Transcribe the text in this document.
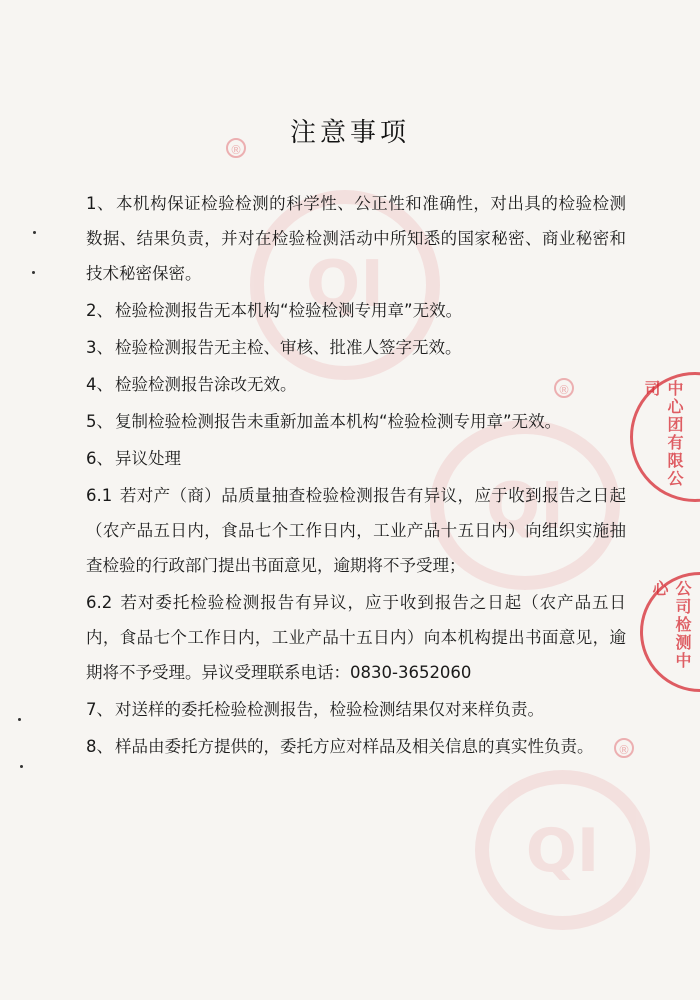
QI
®
QI
®
QI
®
中心团有限公司
公司检测中心
注意事项

1、 本机构保证检验检测的科学性、公正性和准确性，对出具的检验检测数据、结果负责，并对在检验检测活动中所知悉的国家秘密、商业秘密和技术秘密保密。

2、 检验检测报告无本机构“检验检测专用章”无效。

3、 检验检测报告无主检、审核、批准人签字无效。

4、 检验检测报告涂改无效。

5、 复制检验检测报告未重新加盖本机构“检验检测专用章”无效。

6、 异议处理

6.1 若对产（商）品质量抽查检验检测报告有异议，应于收到报告之日起（农产品五日内，食品七个工作日内，工业产品十五日内）向组织实施抽查检验的行政部门提出书面意见，逾期将不予受理；

6.2 若对委托检验检测报告有异议，应于收到报告之日起（农产品五日内，食品七个工作日内，工业产品十五日内）向本机构提出书面意见，逾期将不予受理。异议受理联系电话：0830-3652060

7、 对送样的委托检验检测报告，检验检测结果仅对来样负责。

8、 样品由委托方提供的，委托方应对样品及相关信息的真实性负责。
